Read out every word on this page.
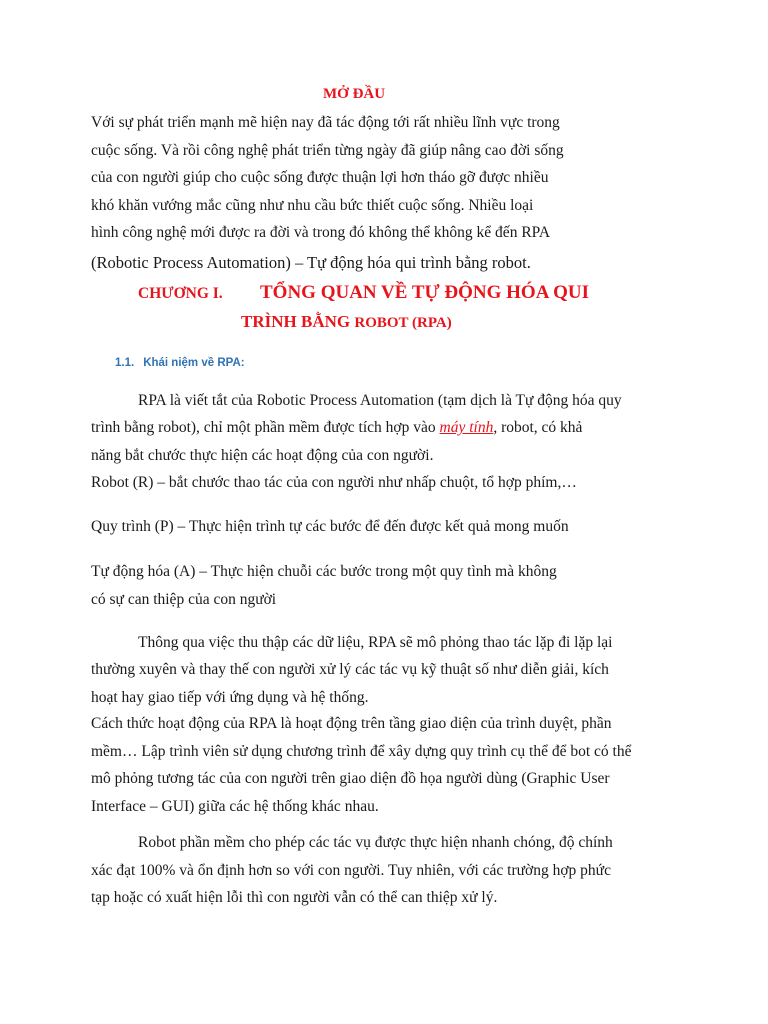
MỞ ĐẦU
Với sự phát triển mạnh mẽ hiện nay đã tác động tới rất nhiều lĩnh vực trong
cuộc sống. Và rồi công nghệ phát triển từng ngày đã giúp nâng cao đời sống
của con người giúp cho cuộc sống được thuận lợi hơn tháo gỡ được nhiều
khó khăn vướng mắc cũng như nhu cầu bức thiết cuộc sống. Nhiều loại
hình công nghệ mới được ra đời và trong đó không thể không kể đến RPA
(Robotic Process Automation) – Tự động hóa qui trình bằng robot.
CHƯƠNG I. TỔNG QUAN VỀ TỰ ĐỘNG HÓA QUI
TRÌNH BẰNG ROBOT (RPA)
1.1. Khái niệm về RPA:
RPA là viết tắt của Robotic Process Automation (tạm dịch là Tự động hóa quy
trình bằng robot), chỉ một phần mềm được tích hợp vào máy tính, robot, có khả
năng bắt chước thực hiện các hoạt động của con người.
Robot (R) – bắt chước thao tác của con người như nhấp chuột, tổ hợp phím,…
Quy trình (P) – Thực hiện trình tự các bước để đến được kết quả mong muốn
Tự động hóa (A) – Thực hiện chuỗi các bước trong một quy tình mà không
có sự can thiệp của con người
Thông qua việc thu thập các dữ liệu, RPA sẽ mô phỏng thao tác lặp đi lặp lại
thường xuyên và thay thế con người xử lý các tác vụ kỹ thuật số như diễn giải, kích
hoạt hay giao tiếp với ứng dụng và hệ thống.
Cách thức hoạt động của RPA là hoạt động trên tầng giao diện của trình duyệt, phần
mềm… Lập trình viên sử dụng chương trình để xây dựng quy trình cụ thể để bot có thể
mô phỏng tương tác của con người trên giao diện đồ họa người dùng (Graphic User
Interface – GUI) giữa các hệ thống khác nhau.
Robot phần mềm cho phép các tác vụ được thực hiện nhanh chóng, độ chính
xác đạt 100% và ổn định hơn so với con người. Tuy nhiên, với các trường hợp phức
tạp hoặc có xuất hiện lỗi thì con người vẫn có thể can thiệp xử lý.
